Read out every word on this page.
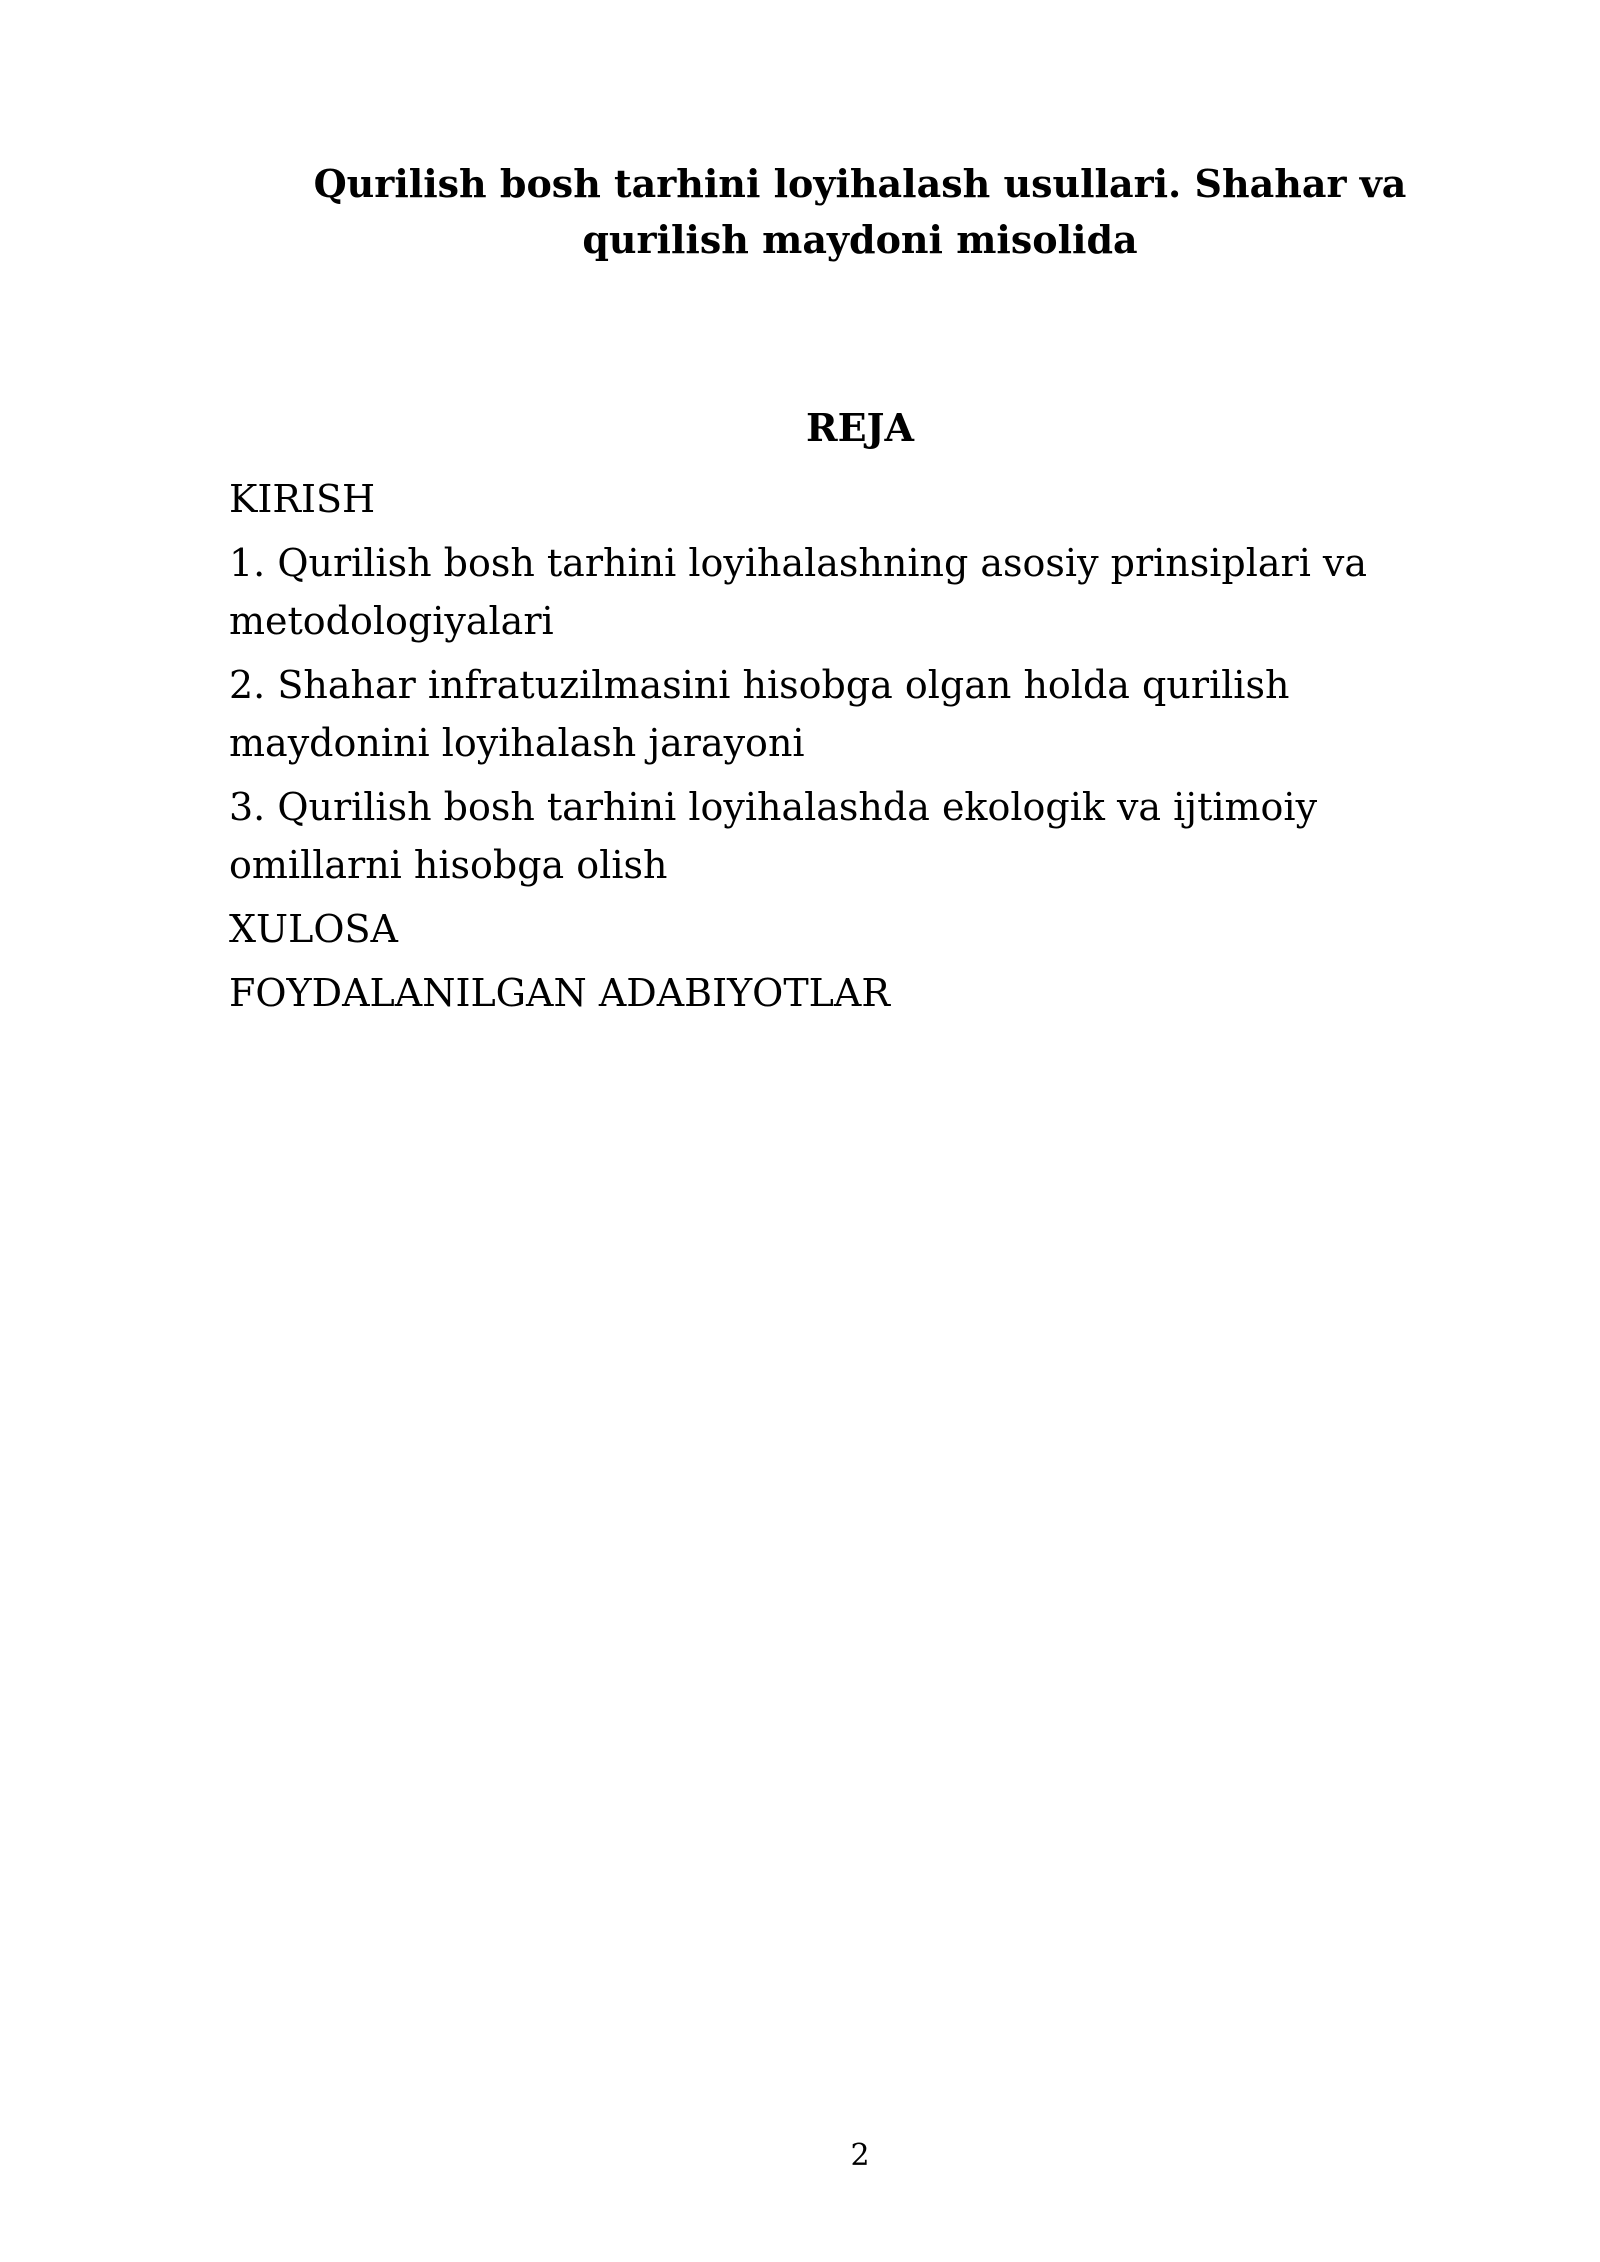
Qurilish bosh tarhini loyihalash usullari. Shahar va qurilish maydoni misolida
REJA
KIRISH
1. Qurilish bosh tarhini loyihalashning asosiy prinsiplari va metodologiyalari
2. Shahar infratuzilmasini hisobga olgan holda qurilish maydonini loyihalash jarayoni
3. Qurilish bosh tarhini loyihalashda ekologik va ijtimoiy omillarni hisobga olish
XULOSA
FOYDALANILGAN ADABIYOTLAR
2
